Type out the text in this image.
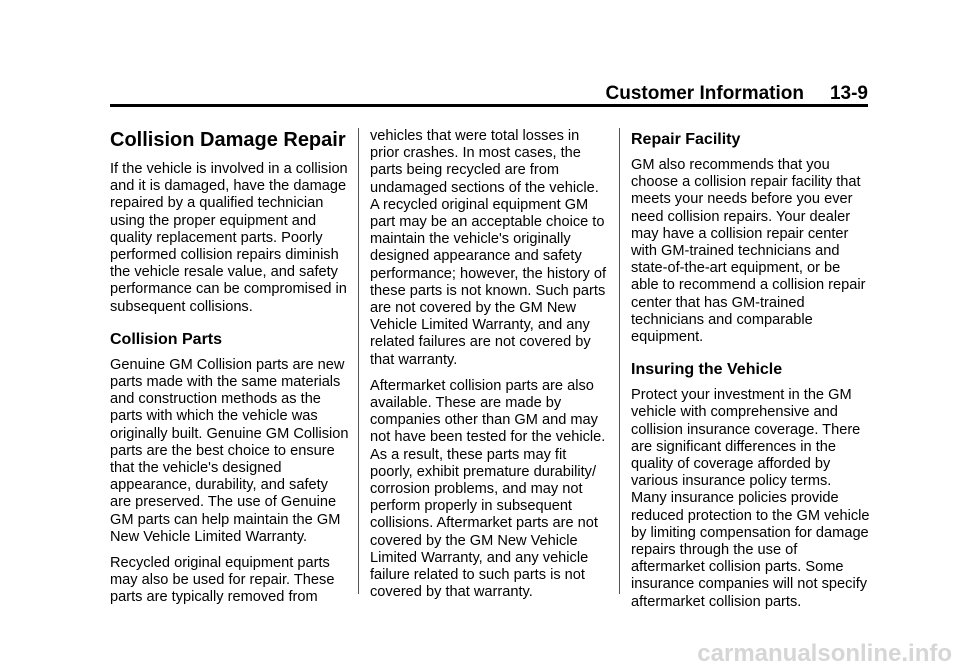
Customer Information 13-9
Collision Damage Repair

If the vehicle is involved in a collision and it is damaged, have the damage repaired by a qualified technician using the proper equipment and quality replacement parts. Poorly performed collision repairs diminish the vehicle resale value, and safety performance can be compromised in subsequent collisions.

Collision Parts

Genuine GM Collision parts are new parts made with the same materials and construction methods as the parts with which the vehicle was originally built. Genuine GM Collision parts are the best choice to ensure that the vehicle's designed appearance, durability, and safety are preserved. The use of Genuine GM parts can help maintain the GM New Vehicle Limited Warranty.

Recycled original equipment parts may also be used for repair. These parts are typically removed from

vehicles that were total losses in prior crashes. In most cases, the parts being recycled are from undamaged sections of the vehicle. A recycled original equipment GM part may be an acceptable choice to maintain the vehicle's originally designed appearance and safety performance; however, the history of these parts is not known. Such parts are not covered by the GM New Vehicle Limited Warranty, and any related failures are not covered by that warranty.

Aftermarket collision parts are also available. These are made by companies other than GM and may not have been tested for the vehicle. As a result, these parts may fit poorly, exhibit premature durability/ corrosion problems, and may not perform properly in subsequent collisions. Aftermarket parts are not covered by the GM New Vehicle Limited Warranty, and any vehicle failure related to such parts is not covered by that warranty.

Repair Facility

GM also recommends that you choose a collision repair facility that meets your needs before you ever need collision repairs. Your dealer may have a collision repair center with GM-trained technicians and state-of-the-art equipment, or be able to recommend a collision repair center that has GM-trained technicians and comparable equipment.

Insuring the Vehicle

Protect your investment in the GM vehicle with comprehensive and collision insurance coverage. There are significant differences in the quality of coverage afforded by various insurance policy terms. Many insurance policies provide reduced protection to the GM vehicle by limiting compensation for damage repairs through the use of aftermarket collision parts. Some insurance companies will not specify aftermarket collision parts.

carmanualsonline.info
